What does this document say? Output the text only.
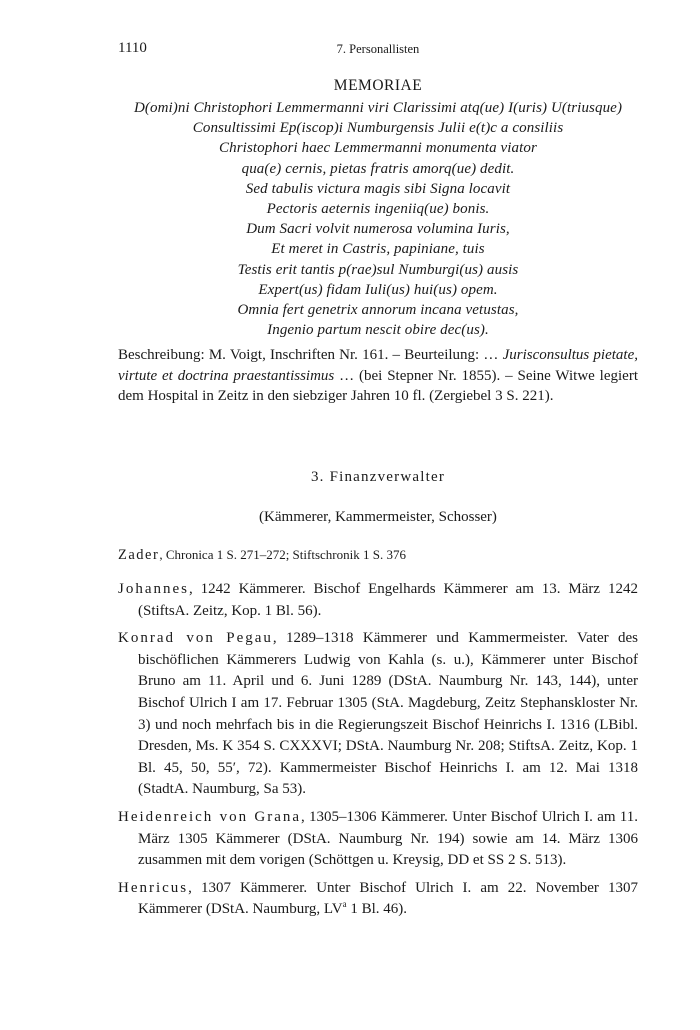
1110	7. Personallisten
MEMORIAE
D(omi)ni Christophori Lemmermanni viri Clarissimi atq(ue) I(uris) U(triusque)
Consultissimi Ep(iscop)i Numburgensis Julii e(t)c a consiliis
Christophori haec Lemmermanni monumenta viator
qua(e) cernis, pietas fratris amorq(ue) dedit.
Sed tabulis victura magis sibi Signa locavit
Pectoris aeternis ingeniiq(ue) bonis.
Dum Sacri volvit numerosa volumina Iuris,
Et meret in Castris, papiniane, tuis
Testis erit tantis p(rae)sul Numburgi(us) ausis
Expert(us) fidam Iuli(us) hui(us) opem.
Omnia fert genetrix annorum incana vetustas,
Ingenio partum nescit obire dec(us).

Beschreibung: M. Voigt, Inschriften Nr. 161. – Beurteilung: … Jurisconsultus pietate, virtute et doctrina praestantissimus … (bei Stepner Nr. 1855). – Seine Witwe legiert dem Hospital in Zeitz in den siebziger Jahren 10 fl. (Zergiebel 3 S. 221).

3. Finanzverwalter
(Kämmerer, Kammermeister, Schosser)
Zader, Chronica 1 S. 271–272; Stiftschronik 1 S. 376

Johannes, 1242 Kämmerer. Bischof Engelhards Kämmerer am 13. März 1242 (StiftsA. Zeitz, Kop. 1 Bl. 56).

Konrad von Pegau, 1289–1318 Kämmerer und Kammermeister. Vater des bischöflichen Kämmerers Ludwig von Kahla (s. u.), Kämmerer unter Bischof Bruno am 11. April und 6. Juni 1289 (DStA. Naumburg Nr. 143, 144), unter Bischof Ulrich I am 17. Februar 1305 (StA. Magdeburg, Zeitz Stephanskloster Nr. 3) und noch mehrfach bis in die Regierungszeit Bischof Heinrichs I. 1316 (LBibl. Dresden, Ms. K 354 S. CXXXVI; DStA. Naumburg Nr. 208; StiftsA. Zeitz, Kop. 1 Bl. 45, 50, 55′, 72). Kammermeister Bischof Heinrichs I. am 12. Mai 1318 (StadtA. Naumburg, Sa 53).

Heidenreich von Grana, 1305–1306 Kämmerer. Unter Bischof Ulrich I. am 11. März 1305 Kämmerer (DStA. Naumburg Nr. 194) sowie am 14. März 1306 zusammen mit dem vorigen (Schöttgen u. Kreysig, DD et SS 2 S. 513).

Henricus, 1307 Kämmerer. Unter Bischof Ulrich I. am 22. November 1307 Kämmerer (DStA. Naumburg, $LV^a$ 1 Bl. 46).
